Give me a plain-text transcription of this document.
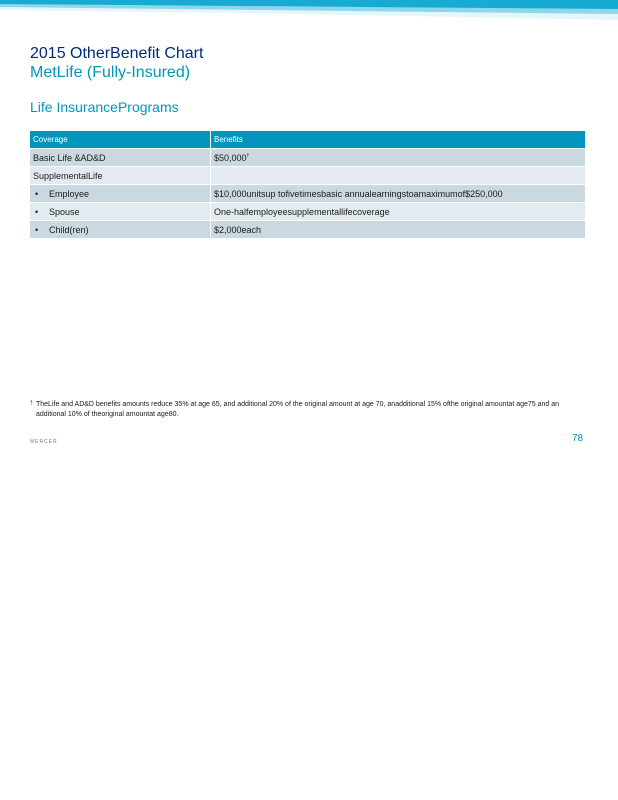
2015 OtherBenefit Chart
MetLife (Fully-Insured)
Life InsurancePrograms
Coverage	Benefits
Basic Life &AD&D	$50,000†
SupplementalLife	
• Employee	$10,000unitsup tofivetimesbasic annualearningstoamaximumof$250,000
• Spouse	One-halfemployeesupplementallifecoverage
• Child(ren)	$2,000each
† TheLife and AD&D benefits amounts reduce 35% at age 65, and additional 20% of the original amount at age 70, anadditional 15% ofthe original amountat age75 and an additional 10% of theoriginal amountat age80.
MERCER	78
